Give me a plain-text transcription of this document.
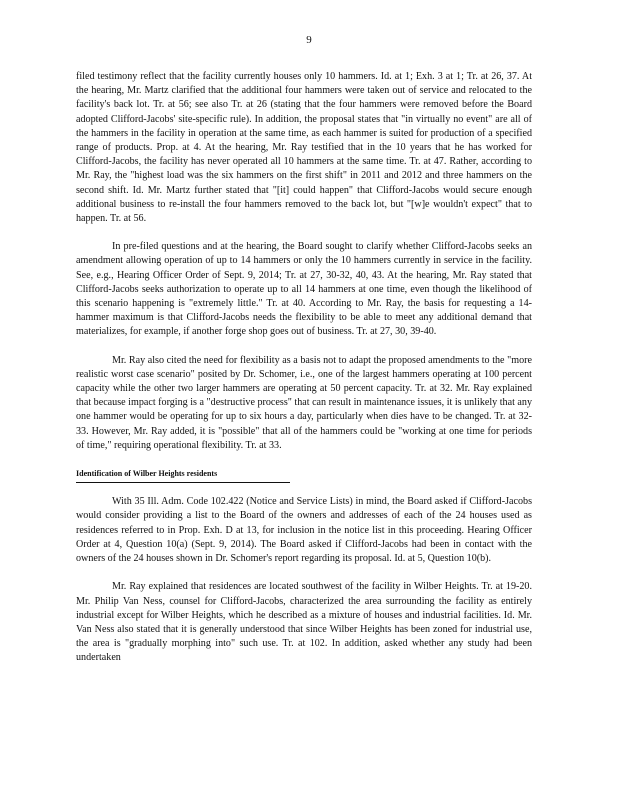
9

filed testimony reflect that the facility currently houses only 10 hammers. Id. at 1; Exh. 3 at 1; Tr. at 26, 37. At the hearing, Mr. Martz clarified that the additional four hammers were taken out of service and relocated to the facility's back lot. Tr. at 56; see also Tr. at 26 (stating that the four hammers were removed before the Board adopted Clifford-Jacobs' site-specific rule). In addition, the proposal states that "in virtually no event" are all of the hammers in the facility in operation at the same time, as each hammer is suited for production of a specified range of products. Prop. at 4. At the hearing, Mr. Ray testified that in the 10 years that he has worked for Clifford-Jacobs, the facility has never operated all 10 hammers at the same time. Tr. at 47. Rather, according to Mr. Ray, the "highest load was the six hammers on the first shift" in 2011 and 2012 and three hammers on the second shift. Id. Mr. Martz further stated that "[it] could happen" that Clifford-Jacobs would secure enough additional business to re-install the four hammers removed to the back lot, but "[w]e wouldn't expect" that to happen. Tr. at 56.

In pre-filed questions and at the hearing, the Board sought to clarify whether Clifford-Jacobs seeks an amendment allowing operation of up to 14 hammers or only the 10 hammers currently in service in the facility. See, e.g., Hearing Officer Order of Sept. 9, 2014; Tr. at 27, 30-32, 40, 43. At the hearing, Mr. Ray stated that Clifford-Jacobs seeks authorization to operate up to all 14 hammers at one time, even though the likelihood of this scenario happening is "extremely little." Tr. at 40. According to Mr. Ray, the basis for requesting a 14-hammer maximum is that Clifford-Jacobs needs the flexibility to be able to meet any additional demand that materializes, for example, if another forge shop goes out of business. Tr. at 27, 30, 39-40.

Mr. Ray also cited the need for flexibility as a basis not to adapt the proposed amendments to the "more realistic worst case scenario" posited by Dr. Schomer, i.e., one of the largest hammers operating at 100 percent capacity while the other two larger hammers are operating at 50 percent capacity. Tr. at 32. Mr. Ray explained that because impact forging is a "destructive process" that can result in maintenance issues, it is unlikely that any one hammer would be operating for up to six hours a day, particularly when dies have to be changed. Tr. at 32-33. However, Mr. Ray added, it is "possible" that all of the hammers could be "working at one time for periods of time," requiring operational flexibility. Tr. at 33.

Identification of Wilber Heights residents

With 35 Ill. Adm. Code 102.422 (Notice and Service Lists) in mind, the Board asked if Clifford-Jacobs would consider providing a list to the Board of the owners and addresses of each of the 24 houses used as residences referred to in Prop. Exh. D at 13, for inclusion in the notice list in this proceeding. Hearing Officer Order at 4, Question 10(a) (Sept. 9, 2014). The Board asked if Clifford-Jacobs had been in contact with the owners of the 24 houses shown in Dr. Schomer's report regarding its proposal. Id. at 5, Question 10(b).

Mr. Ray explained that residences are located southwest of the facility in Wilber Heights. Tr. at 19-20. Mr. Philip Van Ness, counsel for Clifford-Jacobs, characterized the area surrounding the facility as entirely industrial except for Wilber Heights, which he described as a mixture of houses and industrial facilities. Id. Mr. Van Ness also stated that it is generally understood that since Wilber Heights has been zoned for industrial use, the area is "gradually morphing into" such use. Tr. at 102. In addition, asked whether any study had been undertaken
